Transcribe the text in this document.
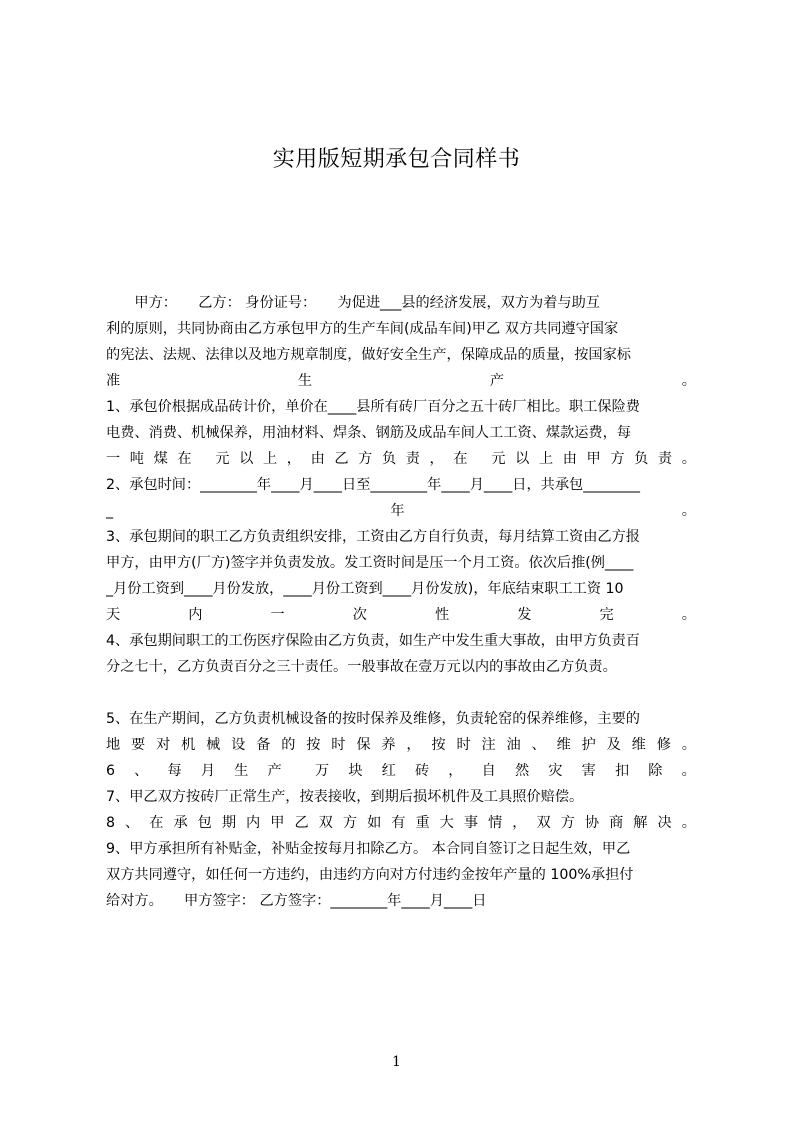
实用版短期承包合同样书
　　甲方：　　乙方： 身份证号：　　为促进___县的经济发展，双方为着与助互
利的原则，共同协商由乙方承包甲方的生产车间(成品车间)甲乙 双方共同遵守国家
的宪法、法规、法律以及地方规章制度，做好安全生产，保障成品的质量，按国家标
准	生	产	。
1、承包价根据成品砖计价，单价在____县所有砖厂百分之五十砖厂相比。职工保险费
电费、消费、机械保养，用油材料、焊条、钢筋及成品车间人工工资、煤款运费，每
一 吨 煤 在 　元 以 上 ， 由 乙 方 负 责 ， 在 　元 以 上 由 甲 方 负 责 。
2、承包时间：________年____月____日至________年____月____日，共承包________
_	年	。
3、承包期间的职工乙方负责组织安排，工资由乙方自行负责，每月结算工资由乙方报
甲方，由甲方(厂方)签字并负责发放。发工资时间是压一个月工资。依次后推(例____
_月份工资到____月份发放，____月份工资到____月份发放)，年底结束职工工资 10
天	内	一	次	性	发	完	。
4、承包期间职工的工伤医疗保险由乙方负责，如生产中发生重大事故，由甲方负责百
分之七十，乙方负责百分之三十责任。一般事故在壹万元以内的事故由乙方负责。
5、在生产期间，乙方负责机械设备的按时保养及维修，负责轮窑的保养维修，主要的
地 要 对 机 械 设 备 的 按 时 保 养 ， 按 时 注 油 、 维 护 及 维 修 。
6 、 每 月 生 产 　万 块 红 砖 ， 自 然 灾 害 扣 除 。
7、甲乙双方按砖厂正常生产，按表接收，到期后损坏机件及工具照价赔偿。
8 、 在 承 包 期 内 甲 乙 双 方 如 有 重 大 事 情 ， 双 方 协 商 解 决 。
9、甲方承担所有补贴金，补贴金按每月扣除乙方。 本合同自签订之日起生效，甲乙
双方共同遵守，如任何一方违约，由违约方向对方付违约金按年产量的 100%承担付
给对方。　　甲方签字： 乙方签字：________年____月____日
1
